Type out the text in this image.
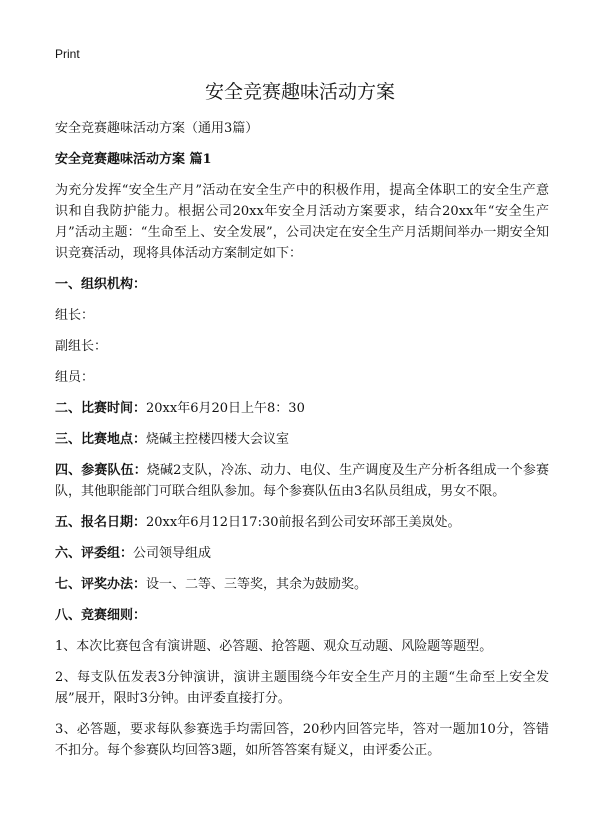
Print
安全竞赛趣味活动方案

安全竞赛趣味活动方案（通用3篇）

安全竞赛趣味活动方案 篇1

为充分发挥“安全生产月”活动在安全生产中的积极作用，提高全体职工的安全生产意识和自我防护能力。根据公司20xx年安全月活动方案要求，结合20xx年“安全生产月”活动主题：“生命至上、安全发展”，公司决定在安全生产月活期间举办一期安全知识竞赛活动，现将具体活动方案制定如下：

一、组织机构：

组长：

副组长：

组员：

二、比赛时间：20xx年6月20日上午8：30

三、比赛地点：烧碱主控楼四楼大会议室

四、参赛队伍：烧碱2支队，冷冻、动力、电仪、生产调度及生产分析各组成一个参赛队，其他职能部门可联合组队参加。每个参赛队伍由3名队员组成，男女不限。

五、报名日期：20xx年6月12日17:30前报名到公司安环部王美岚处。

六、评委组：公司领导组成

七、评奖办法：设一、二等、三等奖，其余为鼓励奖。

八、竞赛细则：

1、本次比赛包含有演讲题、必答题、抢答题、观众互动题、风险题等题型。

2、每支队伍发表3分钟演讲，演讲主题围绕今年安全生产月的主题“生命至上安全发展”展开，限时3分钟。由评委直接打分。

3、必答题，要求每队参赛选手均需回答，20秒内回答完毕，答对一题加10分，答错不扣分。每个参赛队均回答3题，如所答答案有疑义，由评委公正。
